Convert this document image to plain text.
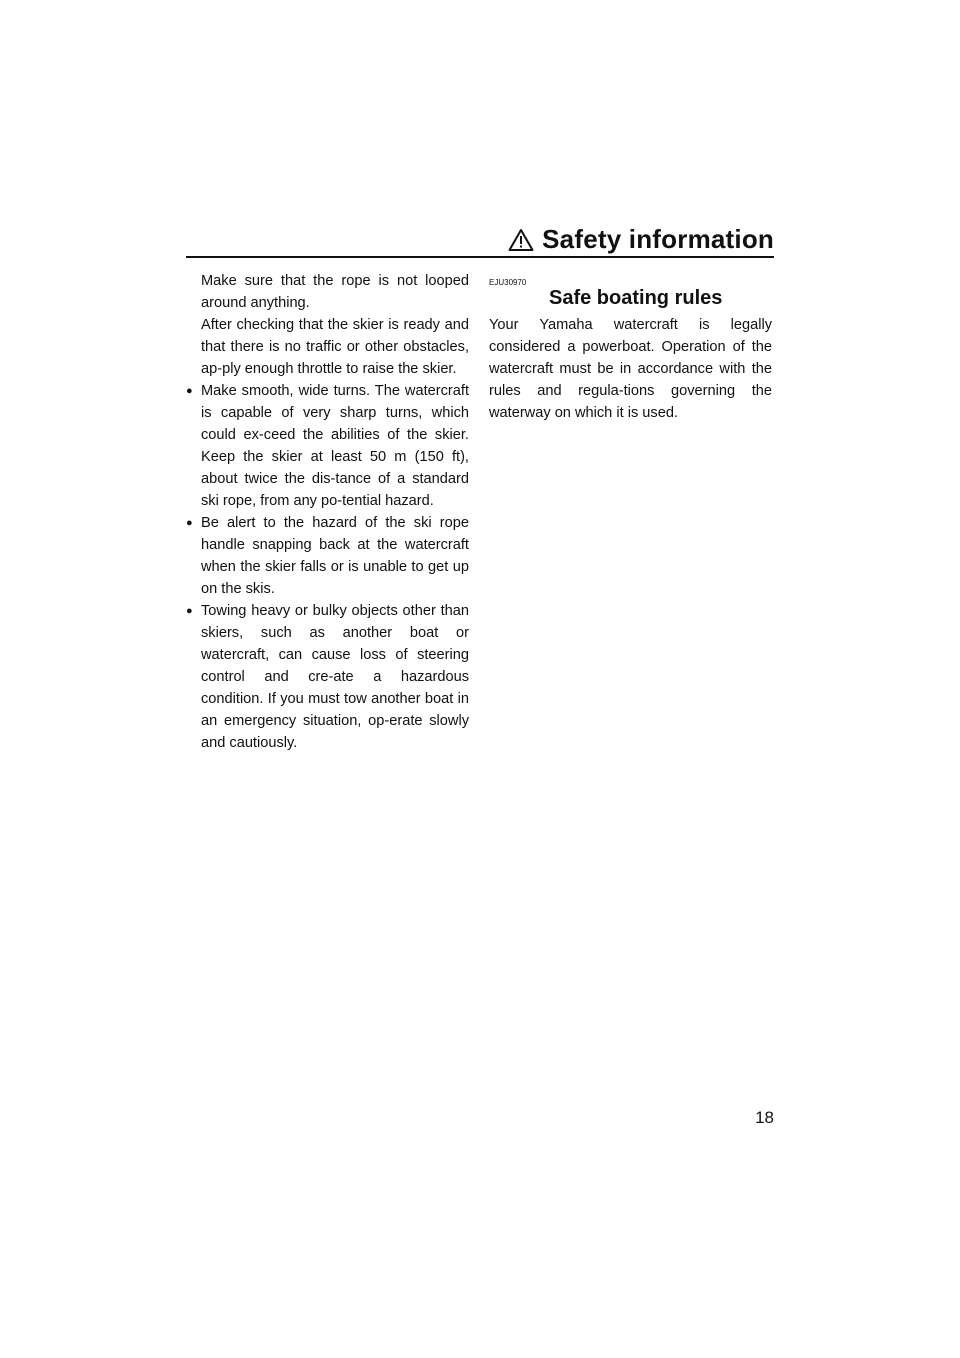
Safety information

Make sure that the rope is not looped around anything.

After checking that the skier is ready and that there is no traffic or other obstacles, ap-ply enough throttle to raise the skier.

● Make smooth, wide turns. The watercraft is capable of very sharp turns, which could ex-ceed the abilities of the skier. Keep the skier at least 50 m (150 ft), about twice the dis-tance of a standard ski rope, from any po-tential hazard.
● Be alert to the hazard of the ski rope handle snapping back at the watercraft when the skier falls or is unable to get up on the skis.
● Towing heavy or bulky objects other than skiers, such as another boat or watercraft, can cause loss of steering control and cre-ate a hazardous condition. If you must tow another boat in an emergency situation, op-erate slowly and cautiously.
EJU30970
Safe boating rules

Your Yamaha watercraft is legally considered a powerboat. Operation of the watercraft must be in accordance with the rules and regula-tions governing the waterway on which it is used.

18
